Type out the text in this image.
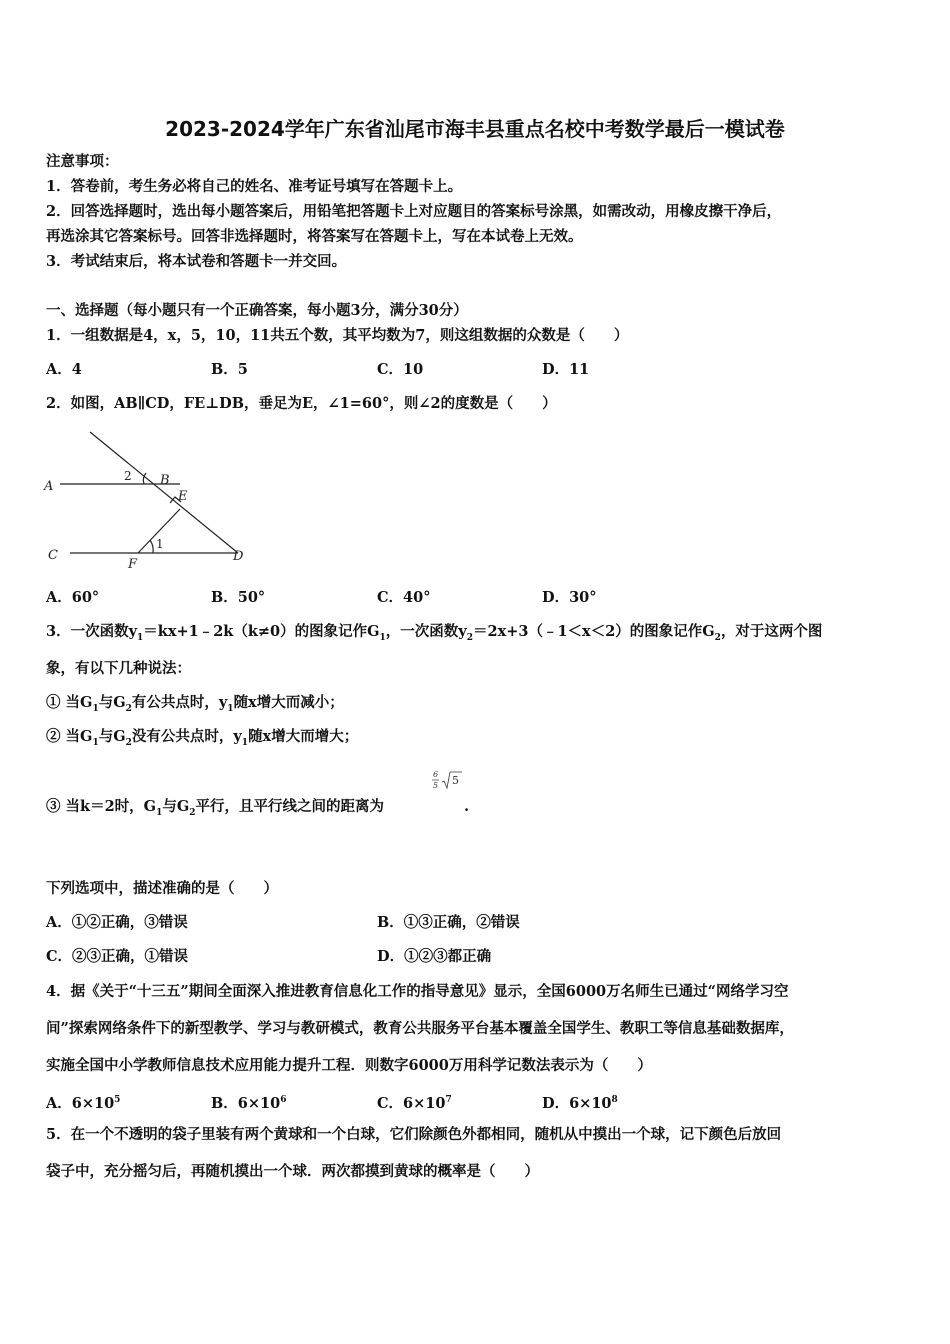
2023-2024学年广东省汕尾市海丰县重点名校中考数学最后一模试卷
注意事项：
1．答卷前，考生务必将自己的姓名、准考证号填写在答题卡上。
2．回答选择题时，选出每小题答案后，用铅笔把答题卡上对应题目的答案标号涂黑，如需改动，用橡皮擦干净后，
再选涂其它答案标号。回答非选择题时，将答案写在答题卡上，写在本试卷上无效。
3．考试结束后，将本试卷和答题卡一并交回。
一、选择题（每小题只有一个正确答案，每小题3分，满分30分）
1．一组数据是4，x，5，10，11共五个数，其平均数为7，则这组数据的众数是（　　）
A．4	B．5	C．10	D．11
2．如图，AB∥CD，FE⊥DB，垂足为E，∠1=60°，则∠2的度数是（　　）
A	B
C	D
E
F
1
2
A．60°	B．50°	C．40°	D．30°
3．一次函数$y_1=kx+1﹣2k(k\ne 0)$的图象记作$G_1$，一次函数$y_2=2x+3(﹣1<x<2)$的图象记作$G_2$，对于这两个图
象，有以下几种说法：
① 当$G_1$与$G_2$有公共点时，$y_1$随x增大而减小；
② 当$G_1$与$G_2$没有公共点时，$y_1$随x增大而增大；
③ 当k＝2时，$G_1$与$G_2$平行，且平行线之间的距离为
6
5 5
.
下列选项中，描述准确的是（　　）
A．①②正确，③错误	B．①③正确，②错误
C．②③正确，①错误	D．①②③都正确
4．据《关于“十三五”期间全面深入推进教育信息化工作的指导意见》显示，全国6000万名师生已通过“网络学习空
间”探索网络条件下的新型教学、学习与教研模式，教育公共服务平台基本覆盖全国学生、教职工等信息基础数据库，
实施全国中小学教师信息技术应用能力提升工程．则数字6000万用科学记数法表示为（　　）
A．$6\times 10^5$	B．$6\times 10^6$	C．$6\times 10^7$	D．$6\times 10^8$
5．在一个不透明的袋子里装有两个黄球和一个白球，它们除颜色外都相同，随机从中摸出一个球，记下颜色后放回
袋子中，充分摇匀后，再随机摸出一个球．两次都摸到黄球的概率是（　　）
